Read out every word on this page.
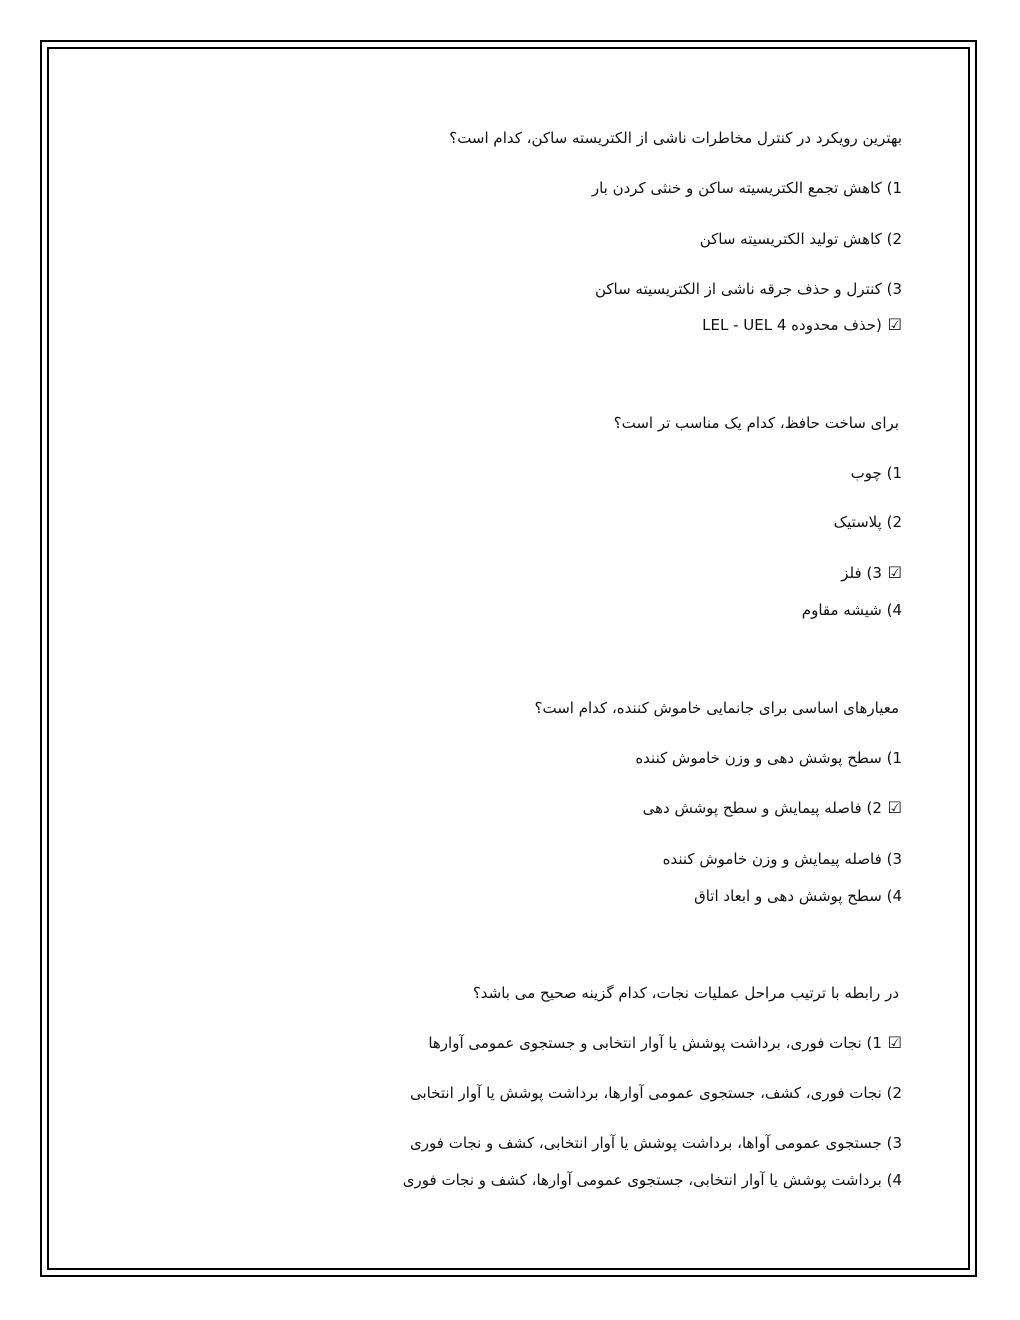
بهترین رویکرد در کنترل مخاطرات ناشی از الکتریسته ساکن، کدام است؟
1) کاهش تجمع الکتریسیته ساکن و خنثی کردن بار
2) کاهش تولید الکتریسیته ساکن
3) کنترل و حذف جرقه ناشی از الکتریسیته ساکن
LEL - UEL حذف محدوده 4) ☑
برای ساخت حافظ، کدام یک مناسب تر است؟
1) چوب
2) پلاستیک
☑ 3) فلز
4) شیشه مقاوم
معیارهای اساسی برای جانمایی خاموش کننده، کدام است؟
1) سطح پوشش دهی و وزن خاموش کننده
☑ 2) فاصله پیمایش و سطح پوشش دهی
3) فاصله پیمایش و وزن خاموش کننده
4) سطح پوشش دهی و ابعاد اتاق
در رابطه با ترتیب مراحل عملیات نجات، کدام گزینه صحیح می باشد؟
☑ 1) نجات فوری، برداشت پوشش یا آوار انتخابی و جستجوی عمومی آوارها
2) نجات فوری، کشف، جستجوی عمومی آوارها، برداشت پوشش یا آوار انتخابی
3) جستجوی عمومی آواها، برداشت پوشش یا آوار انتخابی، کشف و نجات فوری
4) برداشت پوشش یا آوار انتخابی، جستجوی عمومی آوارها، کشف و نجات فوری
